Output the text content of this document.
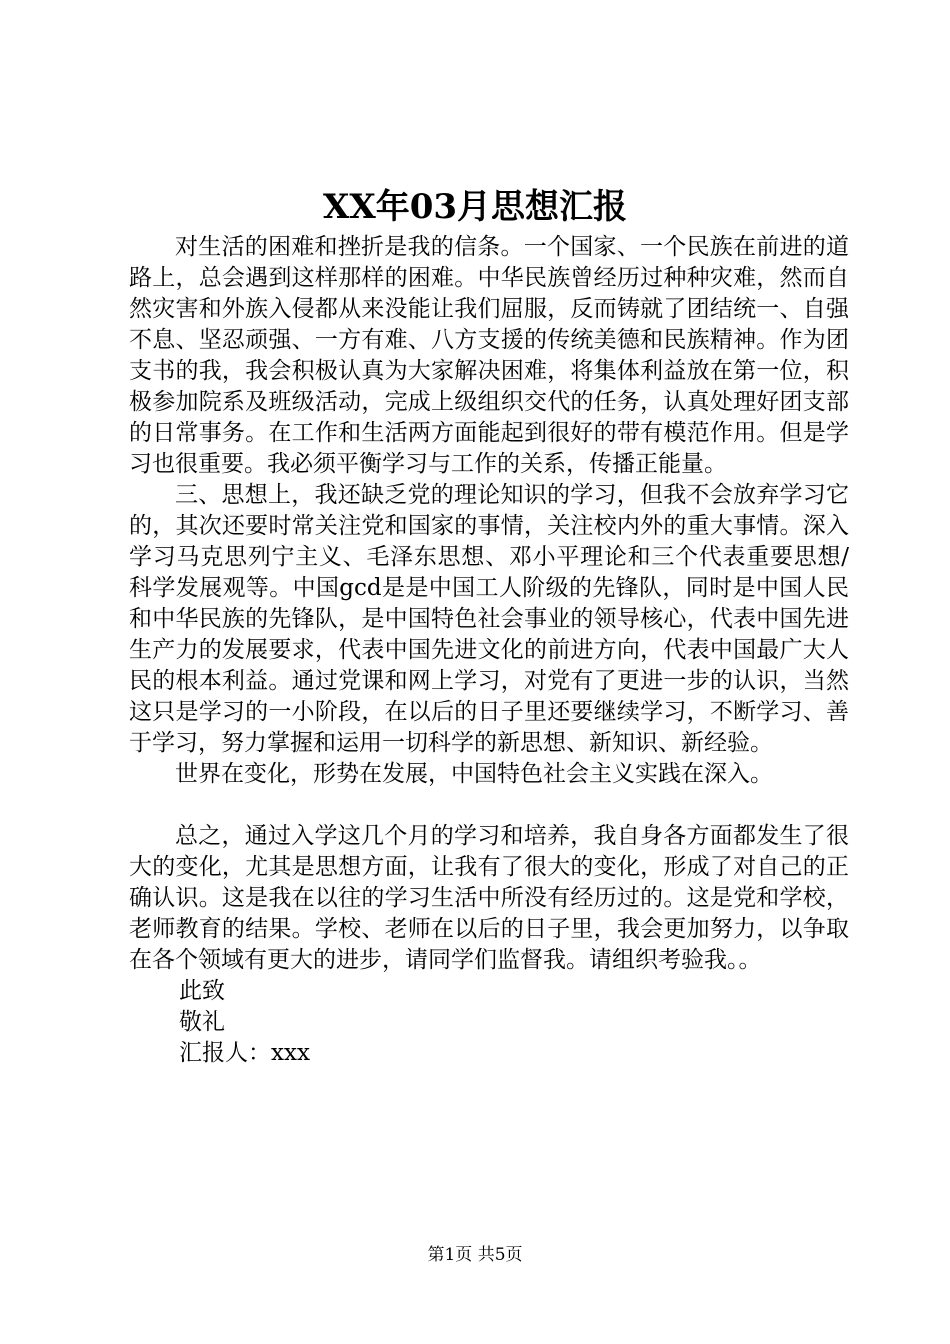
XX年03月思想汇报

对生活的困难和挫折是我的信条。一个国家、一个民族在前进的道路上，总会遇到这样那样的困难。中华民族曾经历过种种灾难，然而自然灾害和外族入侵都从来没能让我们屈服，反而铸就了团结统一、自强不息、坚忍顽强、一方有难、八方支援的传统美德和民族精神。作为团支书的我，我会积极认真为大家解决困难，将集体利益放在第一位，积极参加院系及班级活动，完成上级组织交代的任务，认真处理好团支部的日常事务。在工作和生活两方面能起到很好的带有模范作用。但是学习也很重要。我必须平衡学习与工作的关系，传播正能量。

三、思想上，我还缺乏党的理论知识的学习，但我不会放弃学习它的，其次还要时常关注党和国家的事情，关注校内外的重大事情。深入学习马克思列宁主义、毛泽东思想、邓小平理论和三个代表重要思想/科学发展观等。中国gcd是是中国工人阶级的先锋队，同时是中国人民和中华民族的先锋队，是中国特色社会事业的领导核心，代表中国先进生产力的发展要求，代表中国先进文化的前进方向，代表中国最广大人民的根本利益。通过党课和网上学习，对党有了更进一步的认识，当然这只是学习的一小阶段，在以后的日子里还要继续学习，不断学习、善于学习，努力掌握和运用一切科学的新思想、新知识、新经验。

世界在变化，形势在发展，中国特色社会主义实践在深入。

总之，通过入学这几个月的学习和培养，我自身各方面都发生了很大的变化，尤其是思想方面，让我有了很大的变化，形成了对自己的正确认识。这是我在以往的学习生活中所没有经历过的。这是党和学校，老师教育的结果。学校、老师在以后的日子里，我会更加努力，以争取在各个领域有更大的进步，请同学们监督我。请组织考验我。。

此致

敬礼

汇报人：xxx

第1页 共5页
